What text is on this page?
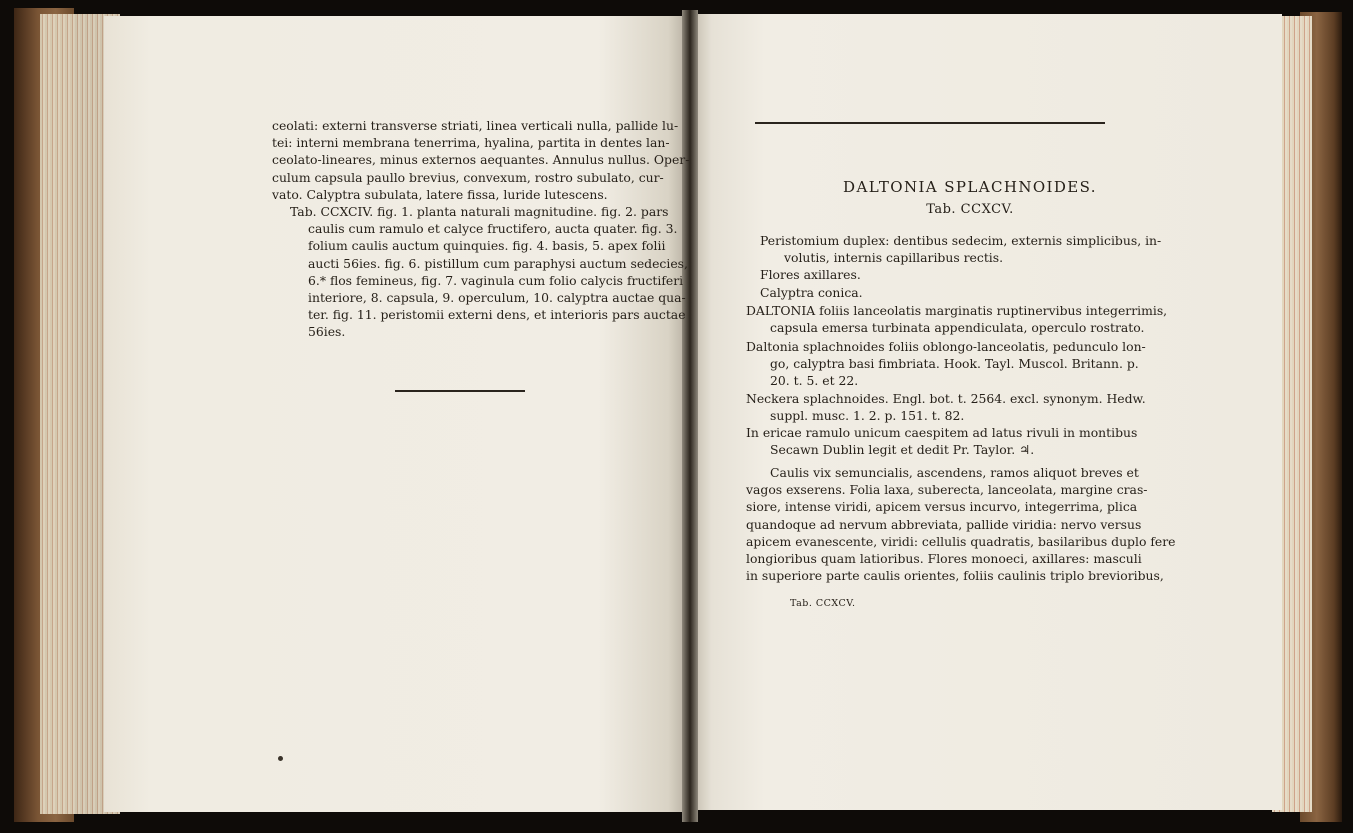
ceolati: externi transverse striati, linea verticali nulla, pallide lu-

tei: interni membrana tenerrima, hyalina, partita in dentes lan-

ceolato-lineares, minus externos aequantes. Annulus nullus. Oper-

culum capsula paullo brevius, convexum, rostro subulato, cur-

vato. Calyptra subulata, latere fissa, luride lutescens.

Tab. CCXCIV. fig. 1. planta naturali magnitudine. fig. 2. pars

caulis cum ramulo et calyce fructifero, aucta quater. fig. 3.

folium caulis auctum quinquies. fig. 4. basis, 5. apex folii

aucti 56ies. fig. 6. pistillum cum paraphysi auctum sedecies,

6.* flos femineus, fig. 7. vaginula cum folio calycis fructiferi

interiore, 8. capsula, 9. operculum, 10. calyptra auctae qua-

ter. fig. 11. peristomii externi dens, et interioris pars auctae

56ies.

DALTONIA SPLACHNOIDES.
Tab. CCXCV.

Peristomium duplex: dentibus sedecim, externis simplicibus, in-

volutis, internis capillaribus rectis.

Flores axillares.

Calyptra conica.

DALTONIA foliis lanceolatis marginatis ruptinervibus integerrimis,

capsula emersa turbinata appendiculata, operculo rostrato.

Daltonia splachnoides foliis oblongo-lanceolatis, pedunculo lon-

go, calyptra basi fimbriata. Hook. Tayl. Muscol. Britann. p.

20. t. 5. et 22.

Neckera splachnoides. Engl. bot. t. 2564. excl. synonym. Hedw.

suppl. musc. 1. 2. p. 151. t. 82.

In ericae ramulo unicum caespitem ad latus rivuli in montibus

Secawn Dublin legit et dedit Pr. Taylor. ♃.

Caulis vix semuncialis, ascendens, ramos aliquot breves et

vagos exserens. Folia laxa, suberecta, lanceolata, margine cras-

siore, intense viridi, apicem versus incurvo, integerrima, plica

quandoque ad nervum abbreviata, pallide viridia: nervo versus

apicem evanescente, viridi: cellulis quadratis, basilaribus duplo fere

longioribus quam latioribus. Flores monoeci, axillares: masculi

in superiore parte caulis orientes, foliis caulinis triplo brevioribus,

Tab. CCXCV.
